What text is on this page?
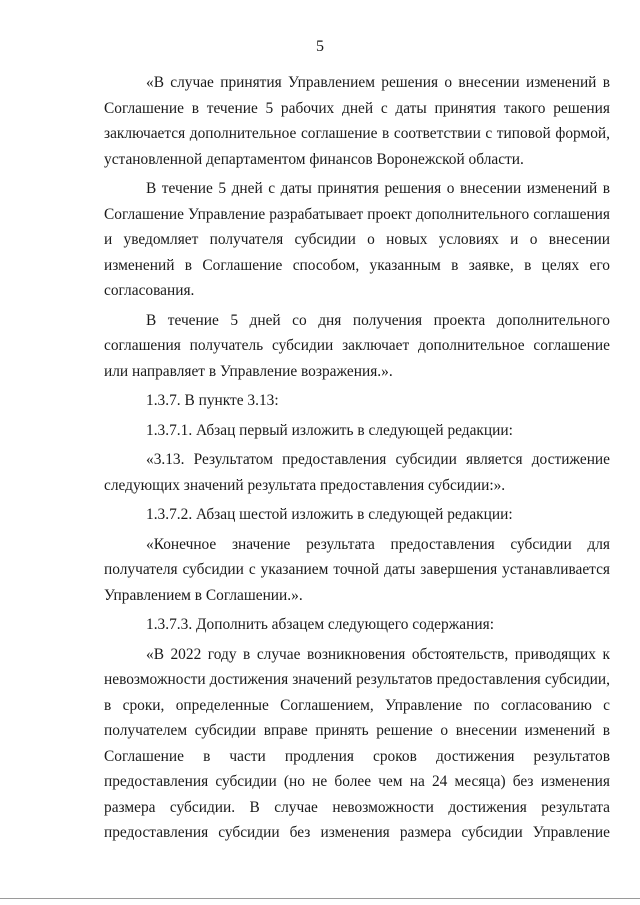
5

«В случае принятия Управлением решения о внесении изменений в Соглашение в течение 5 рабочих дней с даты принятия такого решения заключается дополнительное соглашение в соответствии с типовой формой, установленной департаментом финансов Воронежской области.

В течение 5 дней с даты принятия решения о внесении изменений в Соглашение Управление разрабатывает проект дополнительного соглашения и уведомляет получателя субсидии о новых условиях и о внесении изменений в Соглашение способом, указанным в заявке, в целях его согласования.

В течение 5 дней со дня получения проекта дополнительного соглашения получатель субсидии заключает дополнительное соглашение или направляет в Управление возражения.».

1.3.7. В пункте 3.13:

1.3.7.1. Абзац первый изложить в следующей редакции:

«3.13. Результатом предоставления субсидии является достижение следующих значений результата предоставления субсидии:».

1.3.7.2. Абзац шестой изложить в следующей редакции:

«Конечное значение результата предоставления субсидии для получателя субсидии с указанием точной даты завершения устанавливается Управлением в Соглашении.».

1.3.7.3. Дополнить абзацем следующего содержания:

«В 2022 году в случае возникновения обстоятельств, приводящих к невозможности достижения значений результатов предоставления субсидии, в сроки, определенные Соглашением, Управление по согласованию с получателем субсидии вправе принять решение о внесении изменений в Соглашение в части продления сроков достижения результатов предоставления субсидии (но не более чем на 24 месяца) без изменения размера субсидии. В случае невозможности достижения результата предоставления субсидии без изменения размера субсидии Управление
